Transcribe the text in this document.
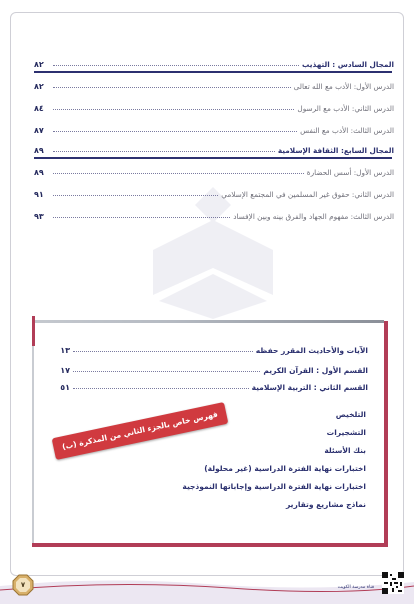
المجال السادس : التهذيب
٨٢
الدرس الأول: الأدب مع الله تعالى
٨٢
الدرس الثاني: الأدب مع الرسول
٨٤
الدرس الثالث: الأدب مع النفس
٨٧
المجال السابع: الثقافة الإسلامية
٨٩
الدرس الأول: أسس الحضارة
٨٩
الدرس الثاني: حقوق غير المسلمين في المجتمع الإسلامي
٩١
الدرس الثالث: مفهوم الجهاد والفرق بينه وبين الإفساد
٩٣
الآيات والأحاديث المقرر حفظه
١٣
القسم الأول : القرآن الكريم
١٧
القسم الثاني : التربية الإسلامية
٥١
التلخيص
التشجيرات
بنك الأسئلة
اختبارات نهاية الفترة الدراسية (غير محلولة)
اختبارات نهاية الفترة الدراسية وإجاباتها النموذجية
نماذج مشاريع وتقارير
فهرس خاص بالجزء الثاني من المذكرة (ب)
٧	قناة مدرسة الكويت
